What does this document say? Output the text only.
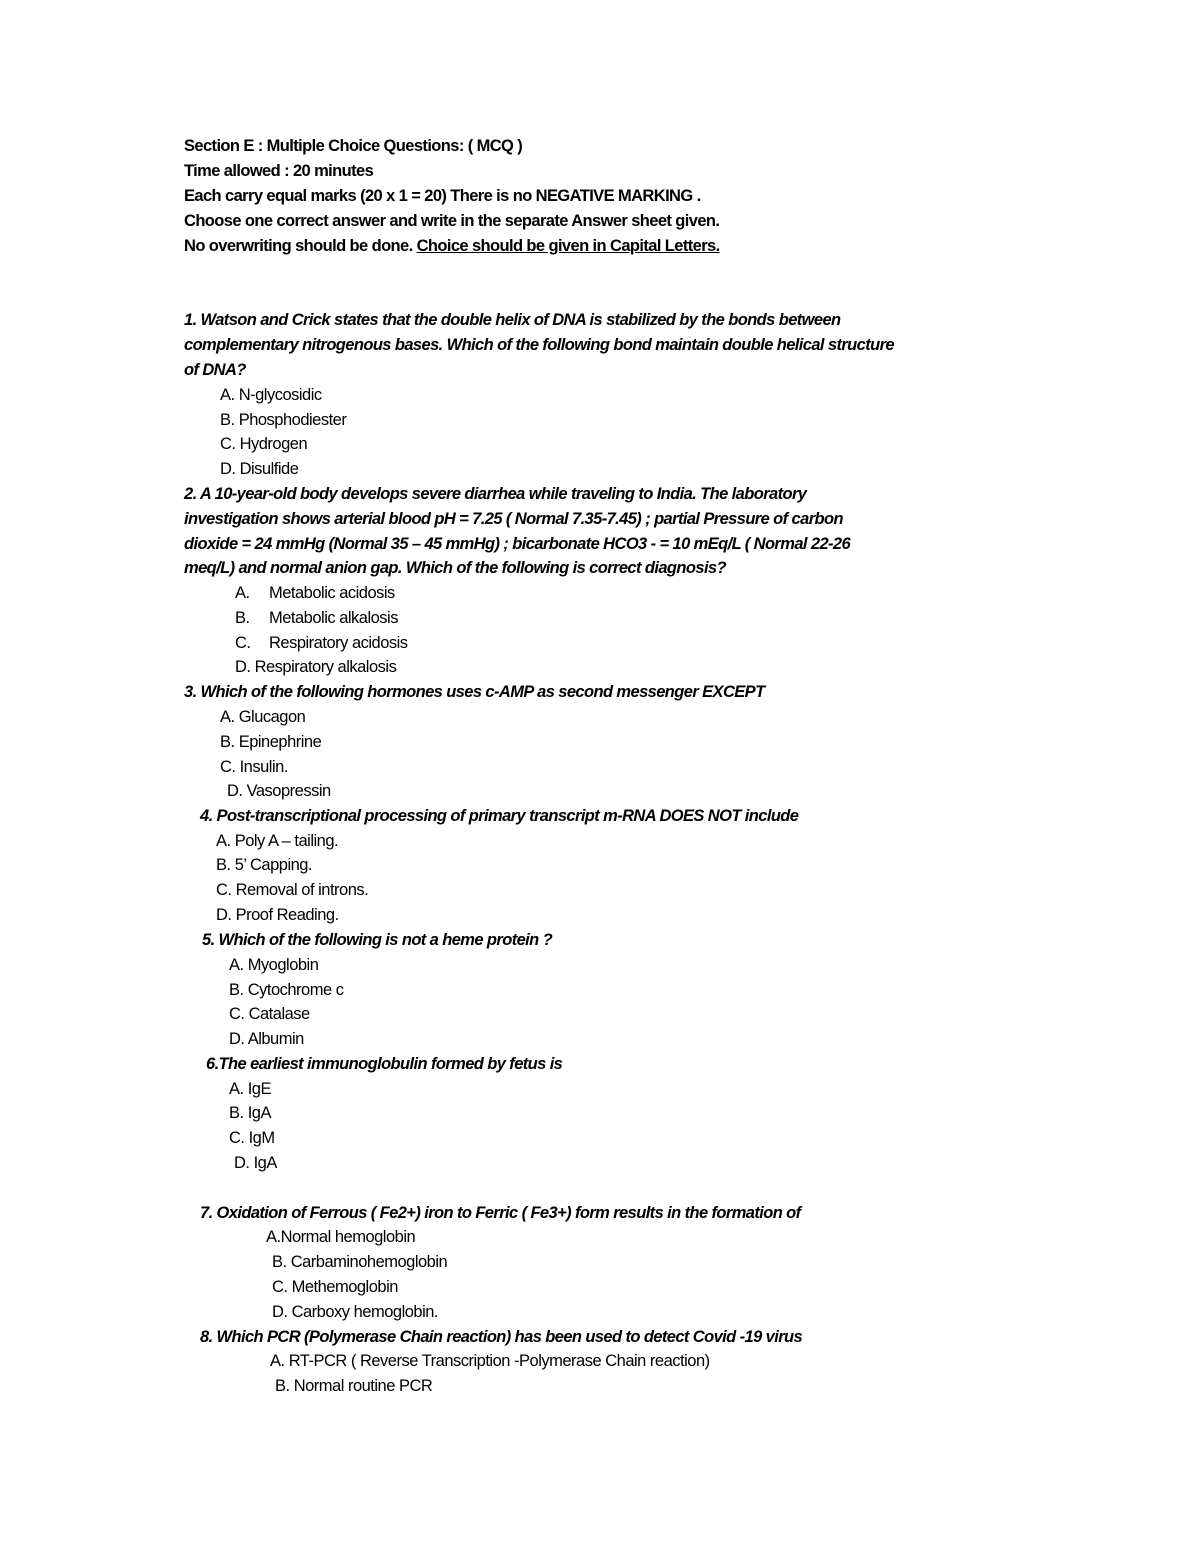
Section E : Multiple Choice Questions: ( MCQ )
Time allowed : 20 minutes
Each carry equal marks (20 x 1 = 20) There is no NEGATIVE MARKING .
Choose one correct answer and write in the separate Answer sheet given.
No overwriting should be done. Choice should be given in Capital Letters.
1. Watson and Crick states that the double helix of DNA is stabilized by the bonds between
complementary nitrogenous bases. Which of the following bond maintain double helical structure
of DNA?
A. N-glycosidic
B. Phosphodiester
C. Hydrogen
D. Disulfide
2. A 10-year-old body develops severe diarrhea while traveling to India. The laboratory
investigation shows arterial blood pH = 7.25 ( Normal 7.35-7.45) ; partial Pressure of carbon
dioxide = 24 mmHg (Normal 35 – 45 mmHg) ; bicarbonate HCO3 - = 10 mEq/L ( Normal 22-26
meq/L) and normal anion gap. Which of the following is correct diagnosis?
A. Metabolic acidosis
B. Metabolic alkalosis
C. Respiratory acidosis
D. Respiratory alkalosis
3. Which of the following hormones uses c-AMP as second messenger EXCEPT
A. Glucagon
B. Epinephrine
C. Insulin.
D. Vasopressin
4. Post-transcriptional processing of primary transcript m-RNA DOES NOT include
A. Poly A – tailing.
B. 5’ Capping.
C. Removal of introns.
D. Proof Reading.
5. Which of the following is not a heme protein ?
A. Myoglobin
B. Cytochrome c
C. Catalase
D. Albumin
6.The earliest immunoglobulin formed by fetus is
A. IgE
B. IgA
C. IgM
D. IgA
7. Oxidation of Ferrous ( Fe2+) iron to Ferric ( Fe3+) form results in the formation of
A.Normal hemoglobin
B. Carbaminohemoglobin
C. Methemoglobin
D. Carboxy hemoglobin.
8. Which PCR (Polymerase Chain reaction) has been used to detect Covid -19 virus
A. RT-PCR ( Reverse Transcription -Polymerase Chain reaction)
B. Normal routine PCR
